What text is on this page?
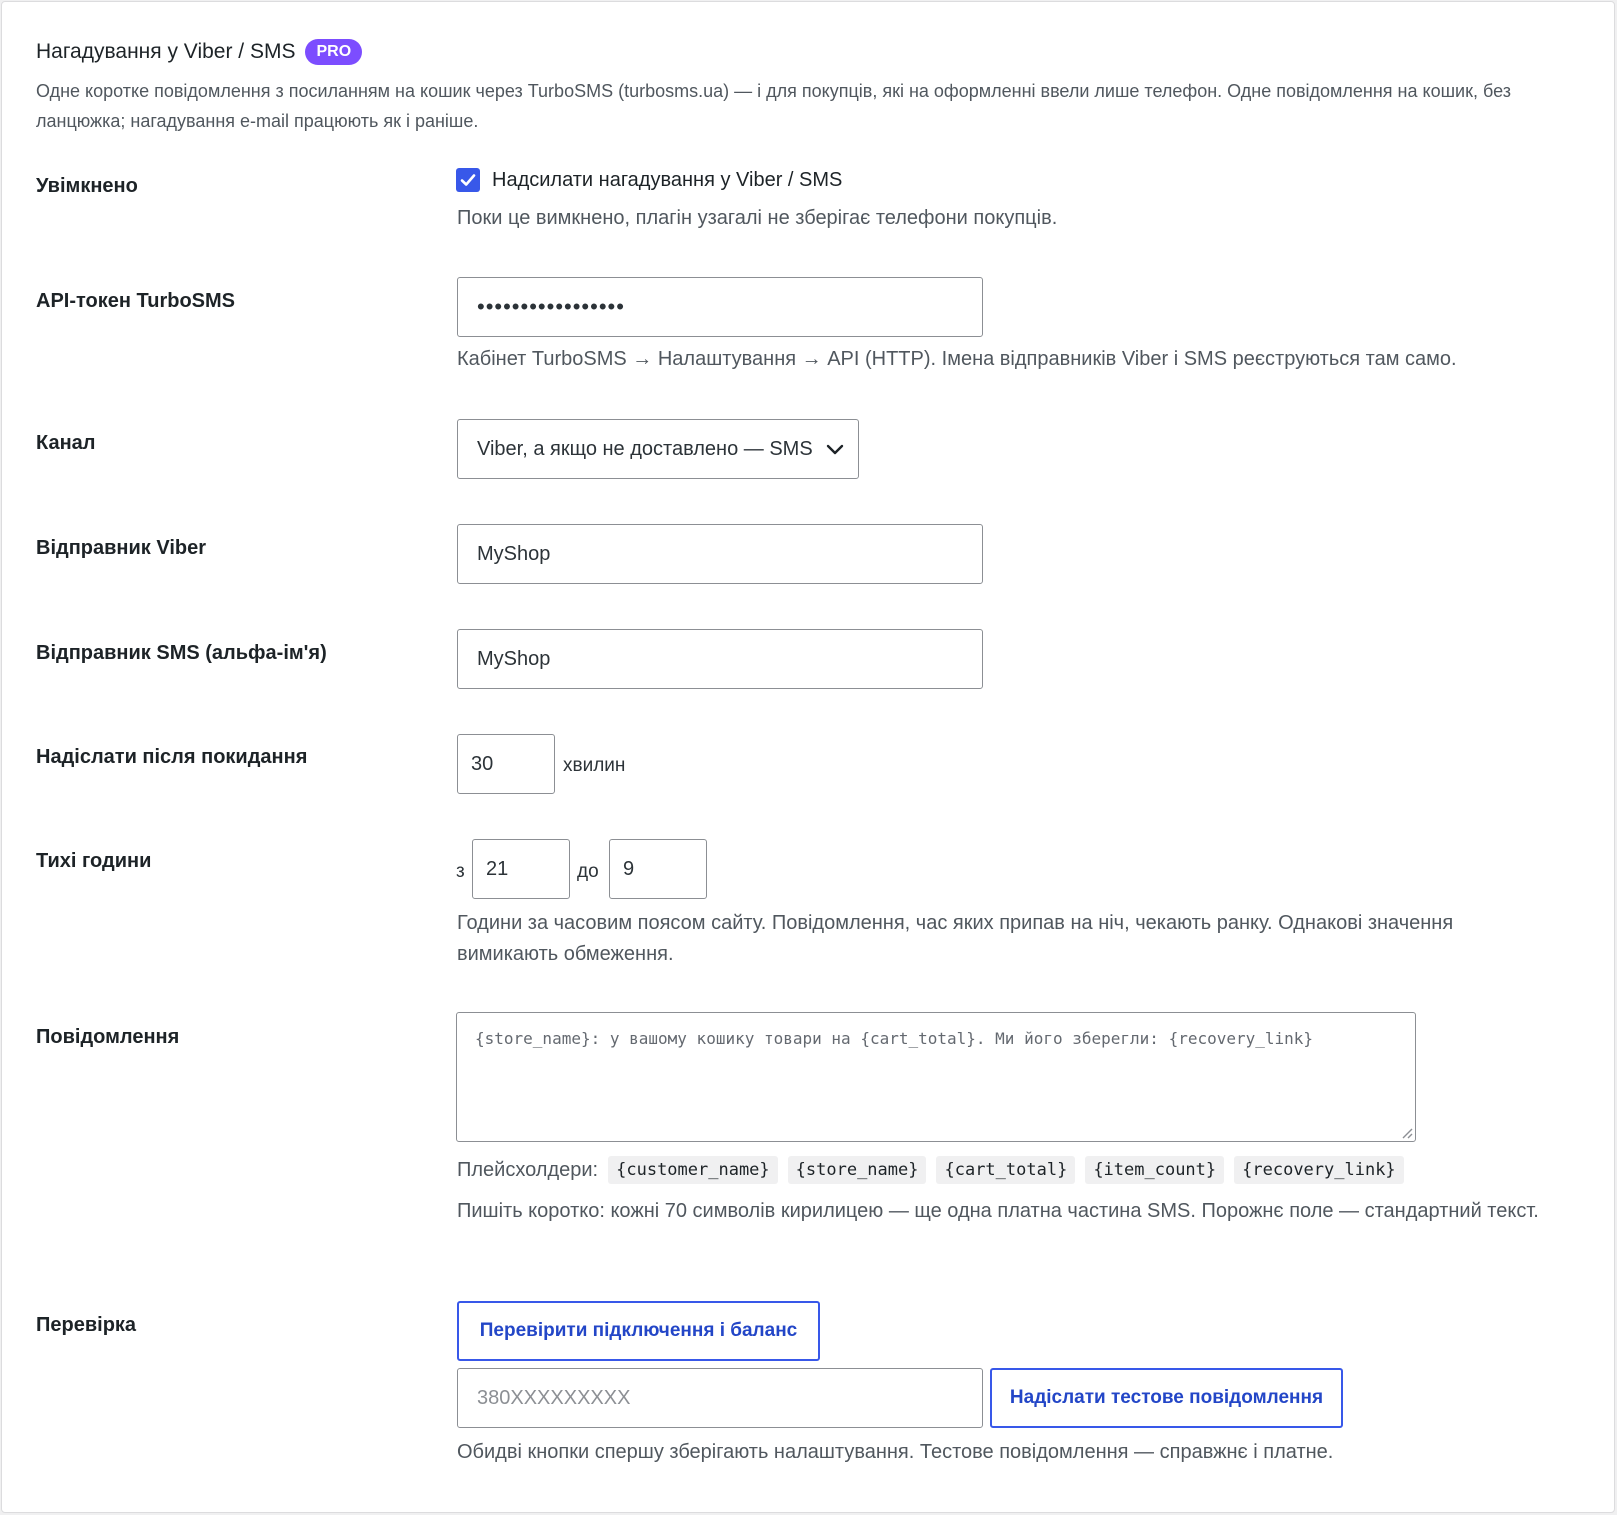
Нагадування у Viber / SMS	PRO
Одне коротке повідомлення з посиланням на кошик через TurboSMS (turbosms.ua) — і для покупців, які на оформленні ввели лише телефон. Одне повідомлення на кошик, без ланцюжка; нагадування e-mail працюють як і раніше.
Увімкнено	Надсилати нагадування у Viber / SMS
Поки це вимкнено, плагін узагалі не зберігає телефони покупців.
API-токен TurboSMS	•••••••••••••••••
Кабінет TurboSMS → Налаштування → API (HTTP). Імена відправників Viber і SMS реєструються там само.
Канал	Viber, а якщо не доставлено — SMS
Відправник Viber	MyShop
Відправник SMS (альфа-ім'я)	MyShop
Надіслати після покидання	30	хвилин
Тихі години	з	21	до	9
Години за часовим поясом сайту. Повідомлення, час яких припав на ніч, чекають ранку. Однакові значення вимикають обмеження.
Повідомлення	{store_name}: у вашому кошику товари на {cart_total}. Ми його зберегли: {recovery_link}
Плейсхолдери:	{customer_name}	{store_name}	{cart_total}	{item_count}	{recovery_link}
Пишіть коротко: кожні 70 символів кирилицею — ще одна платна частина SMS. Порожнє поле — стандартний текст.
Перевірка	Перевірити підключення і баланс
380XXXXXXXXX	Надіслати тестове повідомлення
Обидві кнопки спершу зберігають налаштування. Тестове повідомлення — справжнє і платне.
